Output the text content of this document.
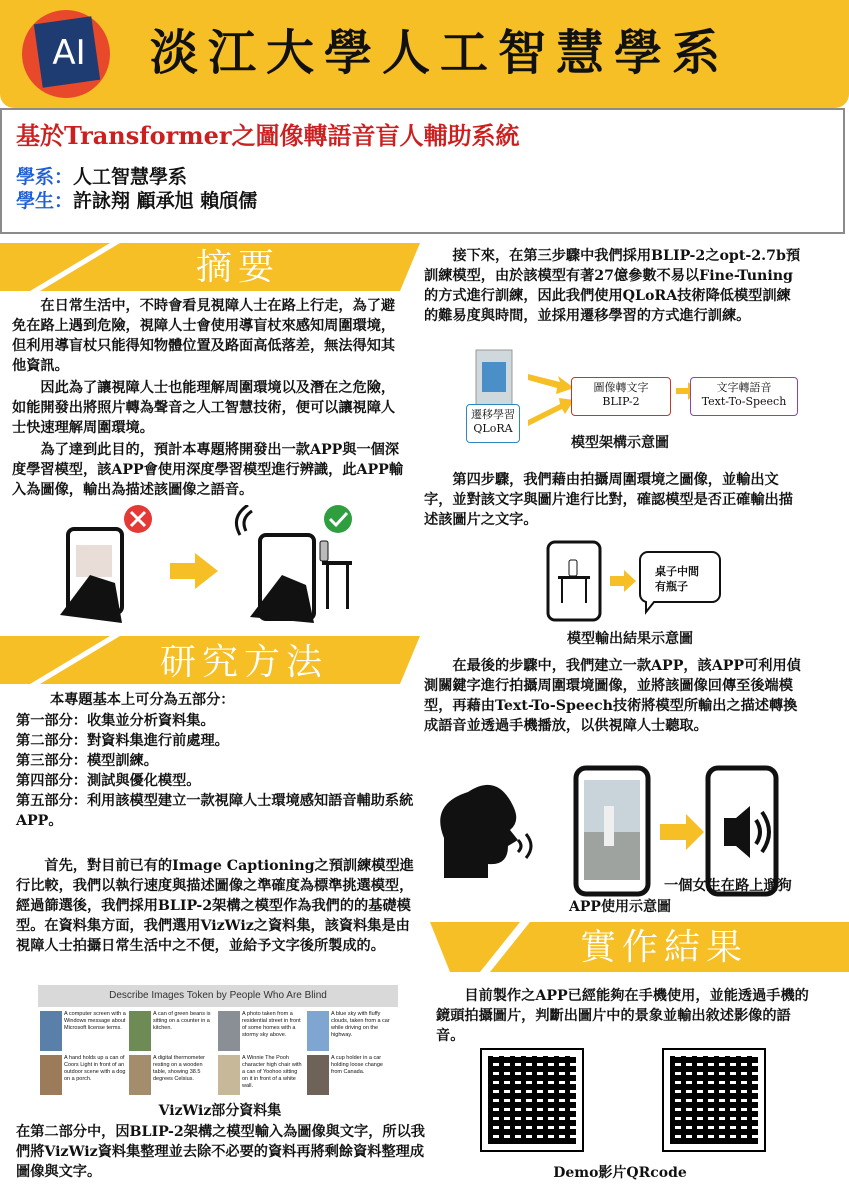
AI 淡江大學人工智慧學系
基於Transformer之圖像轉語音盲人輔助系統
學系：人工智慧學系
學生：許詠翔 顧承旭 賴頎儒
摘要
在日常生活中，不時會看見視障人士在路上行走，為了避免在路上遇到危險，視障人士會使用導盲杖來感知周圍環境，但利用導盲杖只能得知物體位置及路面高低落差，無法得知其他資訊。
因此為了讓視障人士也能理解周圍環境以及潛在之危險，如能開發出將照片轉為聲音之人工智慧技術，便可以讓視障人士快速理解周圍環境。
為了達到此目的，預計本專題將開發出一款APP與一個深度學習模型，該APP會使用深度學習模型進行辨識，此APP輸入為圖像，輸出為描述該圖像之語音。
研究方法
本專題基本上可分為五部分：
第一部分：收集並分析資料集。
第二部分：對資料集進行前處理。
第三部分：模型訓練。
第四部分：測試與優化模型。
第五部分：利用該模型建立一款視障人士環境感知語音輔助系統APP。
首先，對目前已有的Image Captioning之預訓練模型進行比較，我們以執行速度與描述圖像之準確度為標準挑選模型，經過篩選後，我們採用BLIP-2架構之模型作為我們的的基礎模型。在資料集方面，我們選用VizWiz之資料集，該資料集是由視障人士拍攝日常生活中之不便，並給予文字後所製成的。
Describe Images Token by People Who Are Blind
A computer screen with a Windows message about Microsoft license terms.
A can of green beans is sitting on a counter in a kitchen.
A photo taken from a residential street in front of some homes with a stormy sky above.
A blue sky with fluffy clouds, taken from a car while driving on the highway.
A hand holds up a can of Coors Light in front of an outdoor scene with a dog on a porch.
A digital thermometer resting on a wooden table, showing 38.5 degrees Celsius.
A Winnie The Pooh character high chair with a can of Yoohoo sitting on it in front of a white wall.
A cup holder in a car holding loose change from Canada.
VizWiz部分資料集
在第二部分中，因BLIP-2架構之模型輸入為圖像與文字，所以我們將VizWiz資料集整理並去除不必要的資料再將剩餘資料整理成圖像與文字。
接下來，在第三步驟中我們採用BLIP-2之opt-2.7b預訓練模型，由於該模型有著27億參數不易以Fine-Tuning的方式進行訓練，因此我們使用QLoRA技術降低模型訓練的難易度與時間，並採用遷移學習的方式進行訓練。
圖像轉文字
BLIP-2
文字轉語音
Text-To-Speech
遷移學習
QLoRA
模型架構示意圖
第四步驟，我們藉由拍攝周圍環境之圖像，並輸出文字，並對該文字與圖片進行比對，確認模型是否正確輸出描述該圖片之文字。
桌子中間
有瓶子
模型輸出結果示意圖
在最後的步驟中，我們建立一款APP，該APP可利用偵測關鍵字進行拍攝周圍環境圖像，並將該圖像回傳至後端模型，再藉由Text-To-Speech技術將模型所輸出之描述轉換成語音並透過手機播放，以供視障人士聽取。
一個女生在路上遛狗
APP使用示意圖
實作結果
目前製作之APP已經能夠在手機使用，並能透過手機的鏡頭拍攝圖片，判斷出圖片中的景象並輸出敘述影像的語音。
Demo影片QRcode
